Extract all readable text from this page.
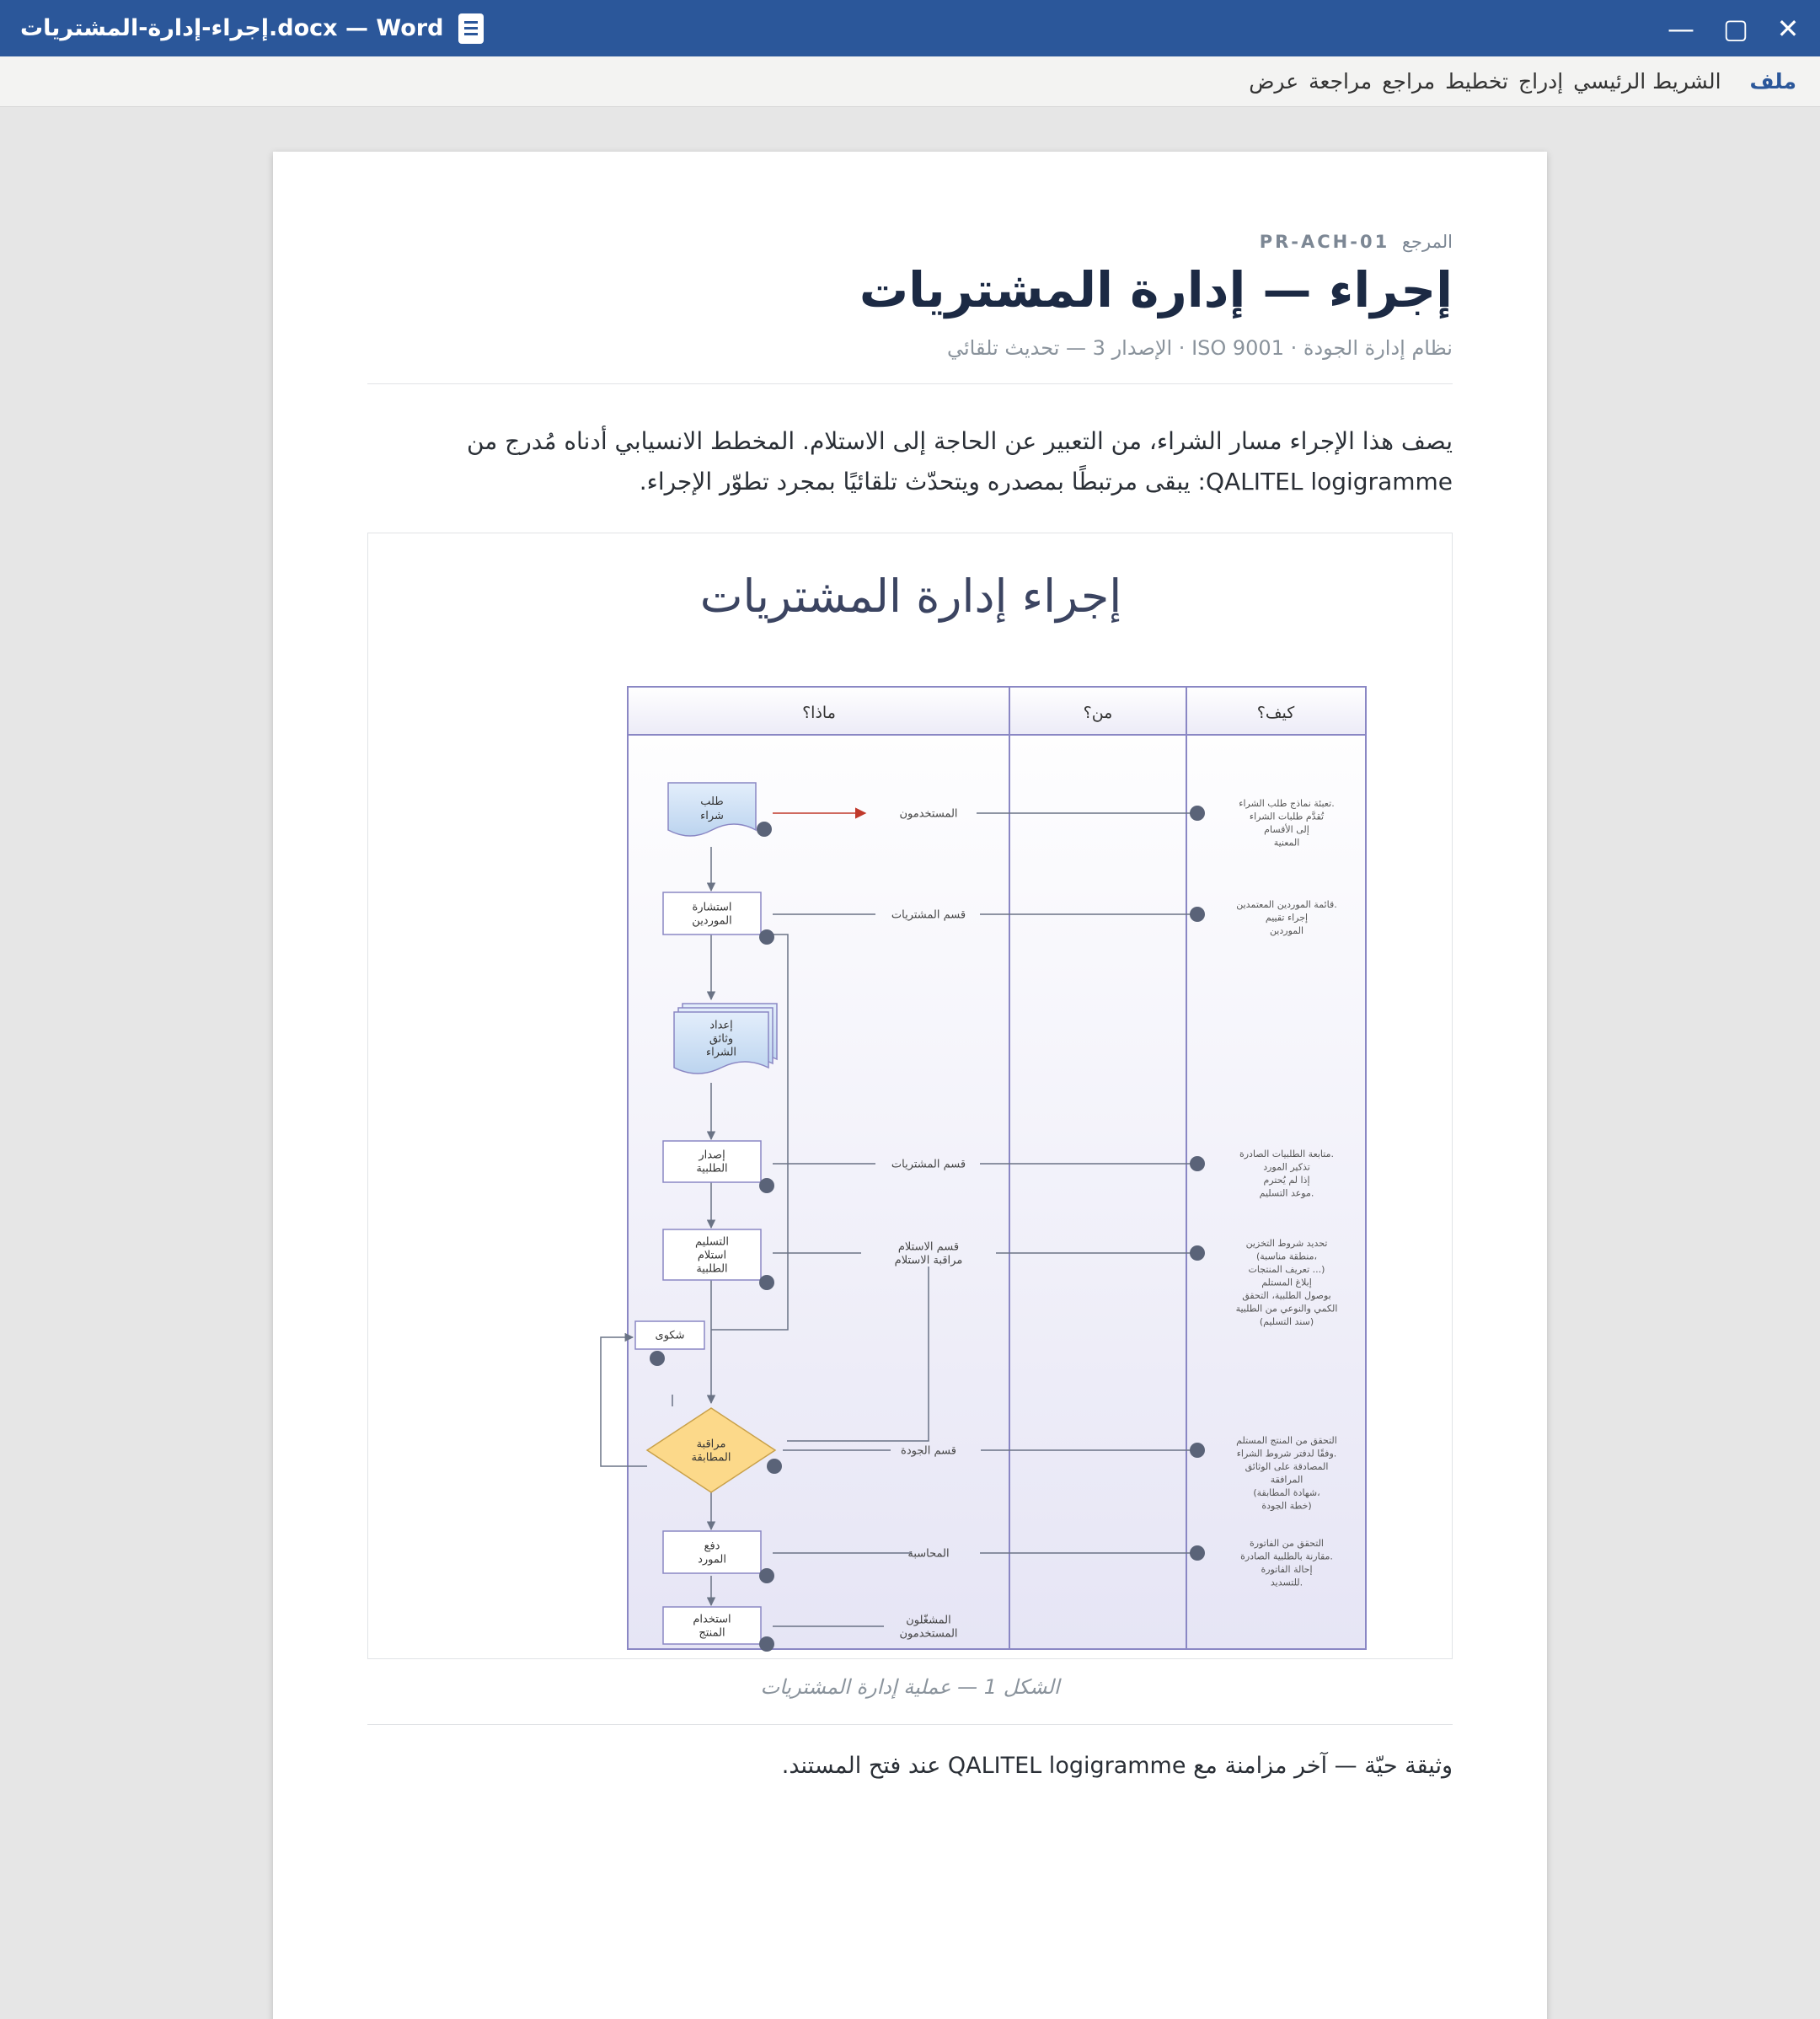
إجراء-إدارة-المشتريات.docx — Word	—	▢	✕
ملف
الشريط الرئيسي
إدراج
تخطيط
مراجع
مراجعة
عرض
المرجع PR-ACH-01
إجراء — إدارة المشتريات
نظام إدارة الجودة · ISO 9001 · الإصدار 3 — تحديث تلقائي
يصف هذا الإجراء مسار الشراء، من التعبير عن الحاجة إلى الاستلام. المخطط الانسيابي أدناه مُدرج من QALITEL logigramme: يبقى مرتبطًا بمصدره ويتحدّث تلقائيًا بمجرد تطوّر الإجراء.
إجراء إدارة المشتريات
ماذا؟	من؟	كيف؟
طلب
شراء
استشارة
الموردين
إعداد
وثائق
الشراء
إصدار
الطلبية
التسليم
استلام
الطلبية
شكوى
مراقبة
المطابقة
دفع
المورد
استخدام
المنتج
المستخدمون
قسم المشتريات
قسم المشتريات
قسم الاستلام
مراقبة الاستلام
قسم الجودة
المحاسبة
المشغّلون
المستخدمون
تعبئة نماذج طلب الشراء.
تُقدَّم طلبات الشراء
إلى الأقسام
المعنية
قائمة الموردين المعتمدين.
إجراء تقييم
الموردين
متابعة الطلبيات الصادرة.
تذكير المورد
إذا لم يُحترم
موعد التسليم.
تحديد شروط التخزين
(منطقة مناسبة،
تعريف المنتجات ...)
إبلاغ المستلم
بوصول الطلبية، التحقق
الكمي والنوعي من الطلبية
(سند التسليم)
التحقق من المنتج المستلم
وفقًا لدفتر شروط الشراء.
المصادقة على الوثائق
المرافقة
(شهادة المطابقة،
خطة الجودة)
التحقق من الفاتورة
مقارنة بالطلبية الصادرة.
إحالة الفاتورة
للتسديد.
الشكل 1 — عملية إدارة المشتريات
وثيقة حيّة — آخر مزامنة مع QALITEL logigramme عند فتح المستند.
